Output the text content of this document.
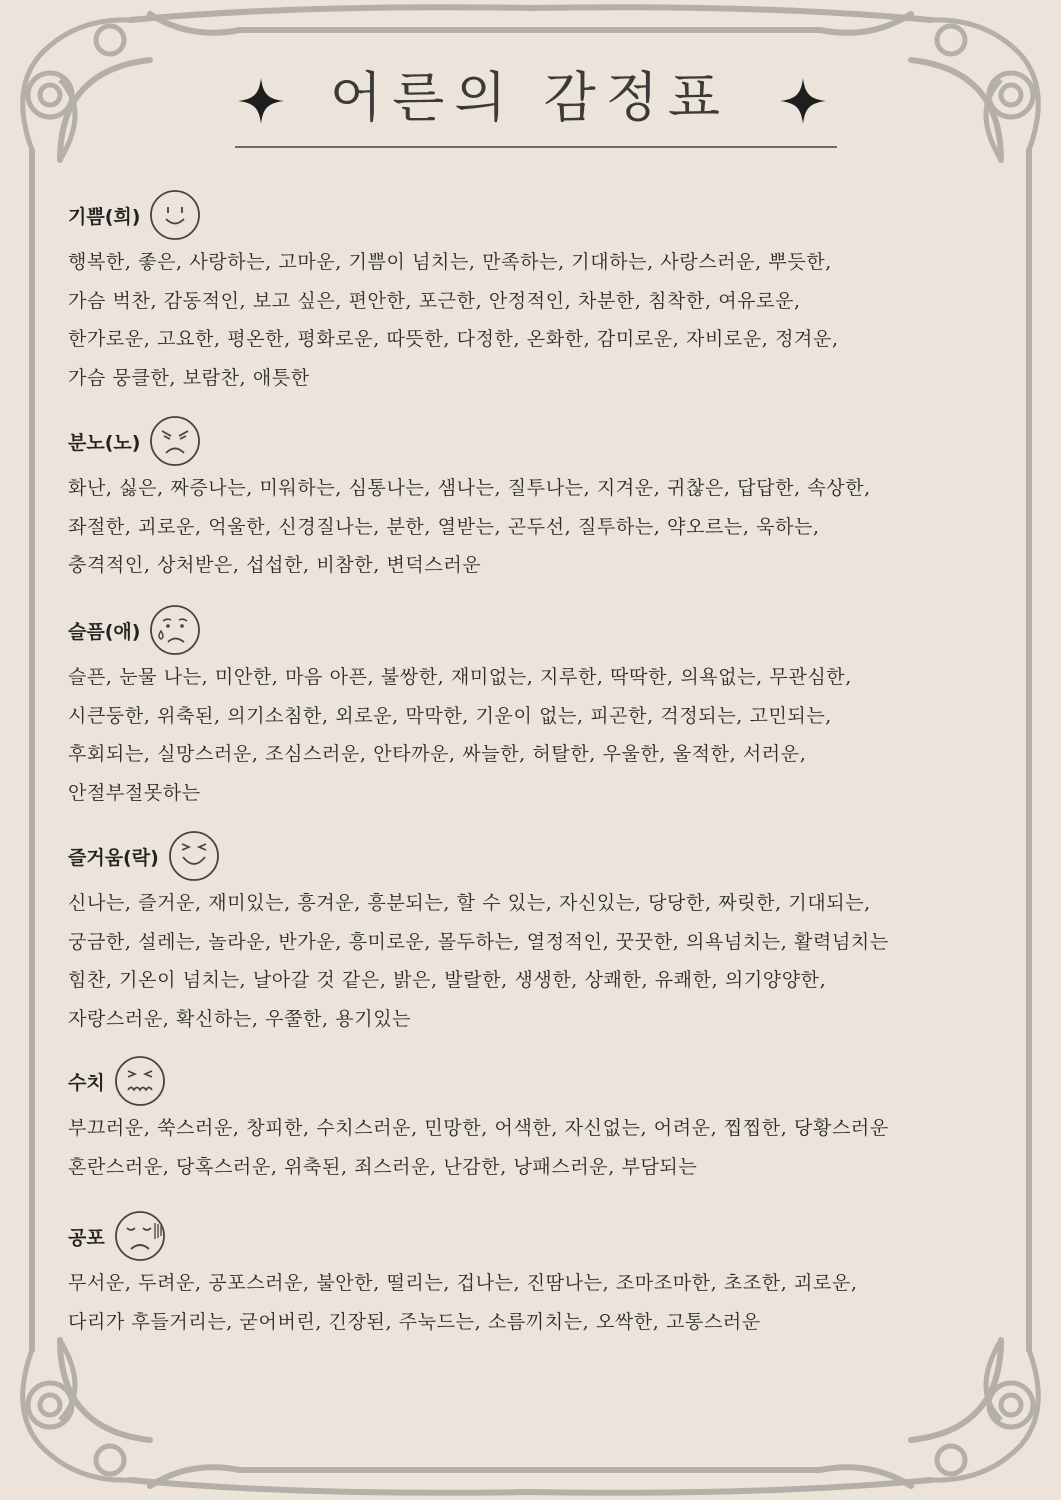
어른의 감정표
기쁨(희)
행복한, 좋은, 사랑하는, 고마운, 기쁨이 넘치는, 만족하는, 기대하는, 사랑스러운, 뿌듯한,
가슴 벅찬, 감동적인, 보고 싶은, 편안한, 포근한, 안정적인, 차분한, 침착한, 여유로운,
한가로운, 고요한, 평온한, 평화로운, 따뜻한, 다정한, 온화한, 감미로운, 자비로운, 정겨운,
가슴 뭉클한, 보람찬, 애틋한
분노(노)
화난, 싫은, 짜증나는, 미워하는, 심통나는, 샘나는, 질투나는, 지겨운, 귀찮은, 답답한, 속상한,
좌절한, 괴로운, 억울한, 신경질나는, 분한, 열받는, 곤두선, 질투하는, 약오르는, 욱하는,
충격적인, 상처받은, 섭섭한, 비참한, 변덕스러운
슬픔(애)
슬픈, 눈물 나는, 미안한, 마음 아픈, 불쌍한, 재미없는, 지루한, 딱딱한, 의욕없는, 무관심한,
시큰둥한, 위축된, 의기소침한, 외로운, 막막한, 기운이 없는, 피곤한, 걱정되는, 고민되는,
후회되는, 실망스러운, 조심스러운, 안타까운, 싸늘한, 허탈한, 우울한, 울적한, 서러운,
안절부절못하는
즐거움(락)
신나는, 즐거운, 재미있는, 흥겨운, 흥분되는, 할 수 있는, 자신있는, 당당한, 짜릿한, 기대되는,
궁금한, 설레는, 놀라운, 반가운, 흥미로운, 몰두하는, 열정적인, 꿋꿋한, 의욕넘치는, 활력넘치는
힘찬, 기온이 넘치는, 날아갈 것 같은, 밝은, 발랄한, 생생한, 상쾌한, 유쾌한, 의기양양한,
자랑스러운, 확신하는, 우쭐한, 용기있는
수치
부끄러운, 쑥스러운, 창피한, 수치스러운, 민망한, 어색한, 자신없는, 어려운, 찝찝한, 당황스러운
혼란스러운, 당혹스러운, 위축된, 죄스러운, 난감한, 낭패스러운, 부담되는
공포
무서운, 두려운, 공포스러운, 불안한, 떨리는, 겁나는, 진땀나는, 조마조마한, 초조한, 괴로운,
다리가 후들거리는, 굳어버린, 긴장된, 주눅드는, 소름끼치는, 오싹한, 고통스러운
